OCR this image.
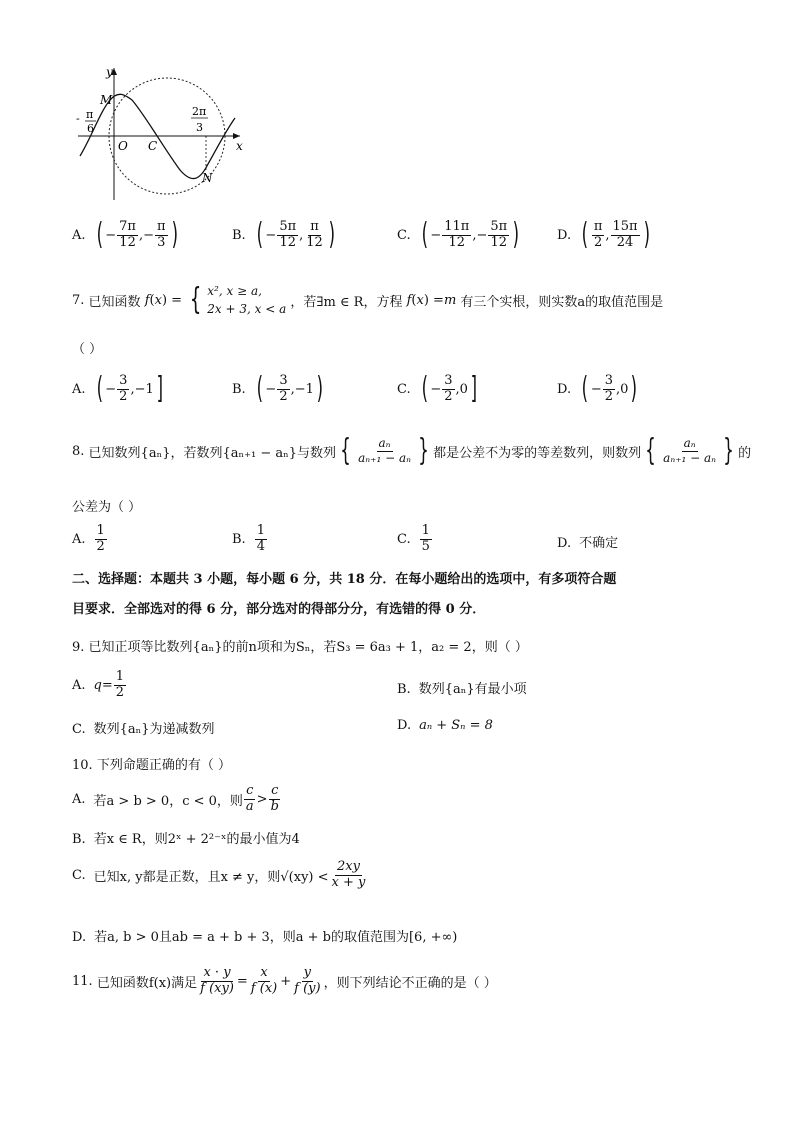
y
x
M
O C
N
- π
6
2π
3
A. ( − $\frac{7\pi}{12}$ ,− $\frac{\pi}{3}$ )	B. ( − $\frac{5\pi}{12}$ , $\frac{\pi}{12}$ )	C. ( − $\frac{11\pi}{12}$ ,− $\frac{5\pi}{12}$ )	D. ( $\frac{\pi}{2}$ , $\frac{15\pi}{24}$ )
7. 已知函数 f(x) = { x², x ≥ a,
2x + 3, x < a ，若∃m ∈ R，方程 f(x) =m 有三个实根，则实数a的取值范围是
（ ）
A. ( − $\frac{3}{2} ,-1$]	B. ( − $\frac{3}{2} ,-1$)	C. ( − $\frac{3}{2} ,0$]	D. ( − $\frac{3}{2} ,0$)
8. 已知数列{aₙ}，若数列{aₙ₊₁ − aₙ}与数列 { $\frac{\text{aₙ}}{\text{aₙ₊₁ − aₙ}}$ } 都是公差不为零的等差数列，则数列 { $\frac{\text{aₙ}}{\text{aₙ₊₁ − aₙ}}$ } 的
公差为（ ）
A. $\frac{1}{2}$	B. $\frac{1}{4}$	C. $\frac{1}{5}$	D. 不确定
二、选择题：本题共 3 小题，每小题 6 分，共 18 分．在每小题给出的选项中，有多项符合题
目要求．全部选对的得 6 分，部分选对的得部分分，有选错的得 0 分．
9. 已知正项等比数列{aₙ}的前n项和为Sₙ，若S₃ = 6a₃ + 1，a₂ = 2，则（ ）
A. $q= \frac{1}{2}$	B. 数列{aₙ}有最小项
C. 数列{aₙ}为递减数列	D. aₙ + Sₙ = 8
10. 下列命题正确的有（ ）
A. 若a > b > 0，c < 0，则 $\frac{c}{a} > \frac{c}{b}$
B. 若x ∈ R，则2ˣ + 2²⁻ˣ的最小值为4
C. 已知x, y都是正数，且x ≠ y，则$√(xy) < \frac{2xy}{x + y}$
D. 若a, b > 0且ab = a + b + 3，则a + b的取值范围为[6, +∞)
11. 已知函数f(x)满足 $\frac{x \cdot y}{f (xy)} = \frac{x}{f (x)} + \frac{y}{f (y)}$ ，则下列结论不正确的是（ ）
